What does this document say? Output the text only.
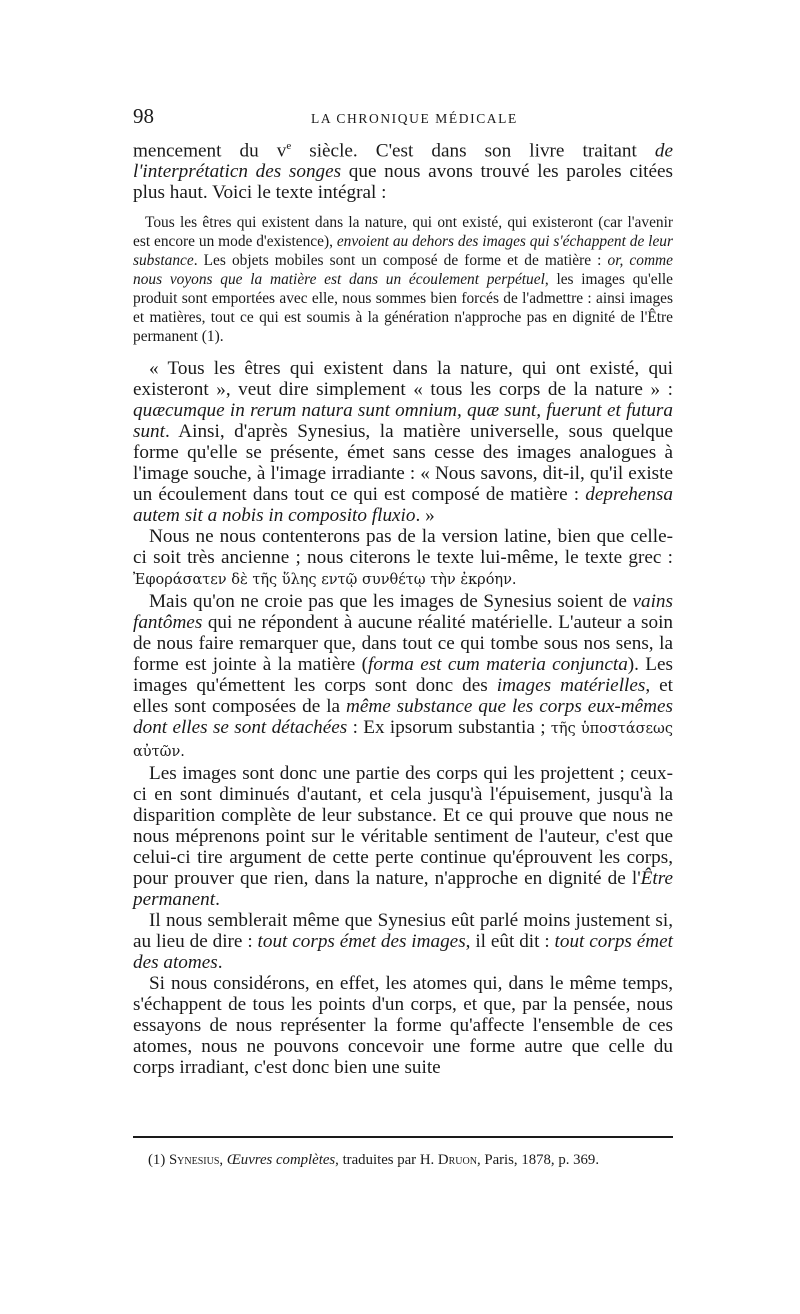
98	LA CHRONIQUE MÉDICALE

mencement du $v^e$ siècle. C'est dans son livre traitant de l'interprétaticn des songes que nous avons trouvé les paroles citées plus haut. Voici le texte intégral :

Tous les êtres qui existent dans la nature, qui ont existé, qui existeront (car l'avenir est encore un mode d'existence), envoient au dehors des images qui s'échappent de leur substance. Les objets mobiles sont un composé de forme et de matière : or, comme nous voyons que la matière est dans un écoulement perpétuel, les images qu'elle produit sont emportées avec elle, nous sommes bien forcés de l'admettre : ainsi images et matières, tout ce qui est soumis à la génération n'approche pas en dignité de l'Être permanent (1).

« Tous les êtres qui existent dans la nature, qui ont existé, qui existeront », veut dire simplement « tous les corps de la nature » : quæcumque in rerum natura sunt omnium, quæ sunt, fuerunt et futura sunt. Ainsi, d'après Synesius, la matière universelle, sous quelque forme qu'elle se présente, émet sans cesse des images analogues à l'image souche, à l'image irradiante : « Nous savons, dit-il, qu'il existe un écoulement dans tout ce qui est composé de matière : deprehensa autem sit a nobis in composito fluxio. »

Nous ne nous contenterons pas de la version latine, bien que celle-ci soit très ancienne ; nous citerons le texte lui-même, le texte grec : Ἐφοράσατεν δὲ τῆς ὕλης εντῷ συνθέτῳ τὴν ἐκρόην.

Mais qu'on ne croie pas que les images de Synesius soient de vains fantômes qui ne répondent à aucune réalité matérielle. L'auteur a soin de nous faire remarquer que, dans tout ce qui tombe sous nos sens, la forme est jointe à la matière (forma est cum materia conjuncta). Les images qu'émettent les corps sont donc des images matérielles, et elles sont composées de la même substance que les corps eux-mêmes dont elles se sont détachées : Ex ipsorum substantia ; τῆς ὑποστάσεως αὐτῶν.

Les images sont donc une partie des corps qui les projettent ; ceux-ci en sont diminués d'autant, et cela jusqu'à l'épuisement, jusqu'à la disparition complète de leur substance. Et ce qui prouve que nous ne nous méprenons point sur le véritable sentiment de l'auteur, c'est que celui-ci tire argument de cette perte continue qu'éprouvent les corps, pour prouver que rien, dans la nature, n'approche en dignité de l'Être permanent.

Il nous semblerait même que Synesius eût parlé moins justement si, au lieu de dire : tout corps émet des images, il eût dit : tout corps émet des atomes.

Si nous considérons, en effet, les atomes qui, dans le même temps, s'échappent de tous les points d'un corps, et que, par la pensée, nous essayons de nous représenter la forme qu'affecte l'ensemble de ces atomes, nous ne pouvons concevoir une forme autre que celle du corps irradiant, c'est donc bien une suite

(1) Synesius, Œuvres complètes, traduites par H. Druon, Paris, 1878, p. 369.
